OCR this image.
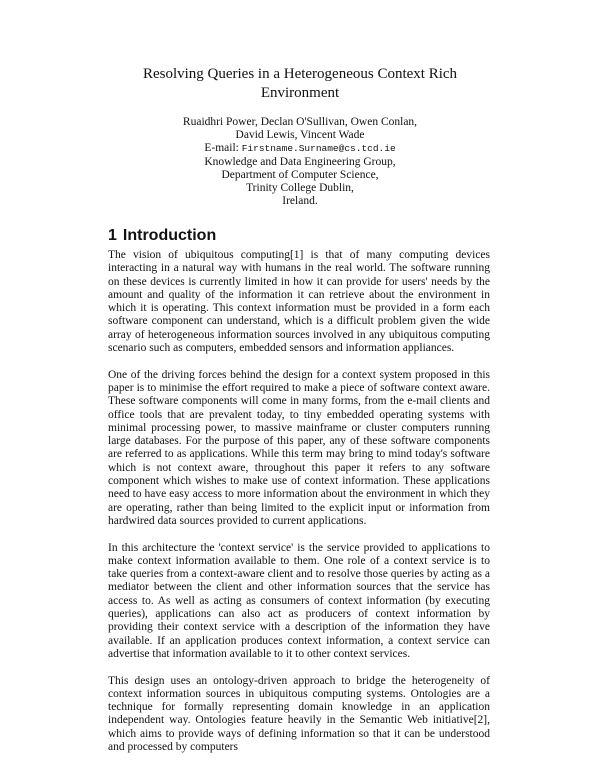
Resolving Queries in a Heterogeneous Context Rich
Environment
Ruaidhri Power, Declan O'Sullivan, Owen Conlan,
David Lewis, Vincent Wade
E-mail: Firstname.Surname@cs.tcd.ie
Knowledge and Data Engineering Group,
Department of Computer Science,
Trinity College Dublin,
Ireland.
1 Introduction

The vision of ubiquitous computing[1] is that of many computing devices interacting in a natural way with humans in the real world. The software running on these devices is currently limited in how it can provide for users' needs by the amount and quality of the information it can retrieve about the environment in which it is operating. This context information must be provided in a form each software component can understand, which is a difficult problem given the wide array of heterogeneous information sources involved in any ubiquitous computing scenario such as computers, embedded sensors and information appliances.

One of the driving forces behind the design for a context system proposed in this paper is to minimise the effort required to make a piece of software context aware. These software components will come in many forms, from the e-mail clients and office tools that are prevalent today, to tiny embedded operating systems with minimal processing power, to massive mainframe or cluster computers running large databases. For the purpose of this paper, any of these software components are referred to as applications. While this term may bring to mind today's software which is not context aware, throughout this paper it refers to any software component which wishes to make use of context information. These applications need to have easy access to more information about the environment in which they are operating, rather than being limited to the explicit input or information from hardwired data sources provided to current applications.

In this architecture the 'context service' is the service provided to applications to make context information available to them. One role of a context service is to take queries from a context-aware client and to resolve those queries by acting as a mediator between the client and other information sources that the service has access to. As well as acting as consumers of context information (by executing queries), applications can also act as producers of context information by providing their context service with a description of the information they have available. If an application produces context information, a context service can advertise that information available to it to other context services.

This design uses an ontology-driven approach to bridge the heterogeneity of context information sources in ubiquitous computing systems. Ontologies are a technique for formally representing domain knowledge in an application independent way. Ontologies feature heavily in the Semantic Web initiative[2], which aims to provide ways of defining information so that it can be understood and processed by computers
